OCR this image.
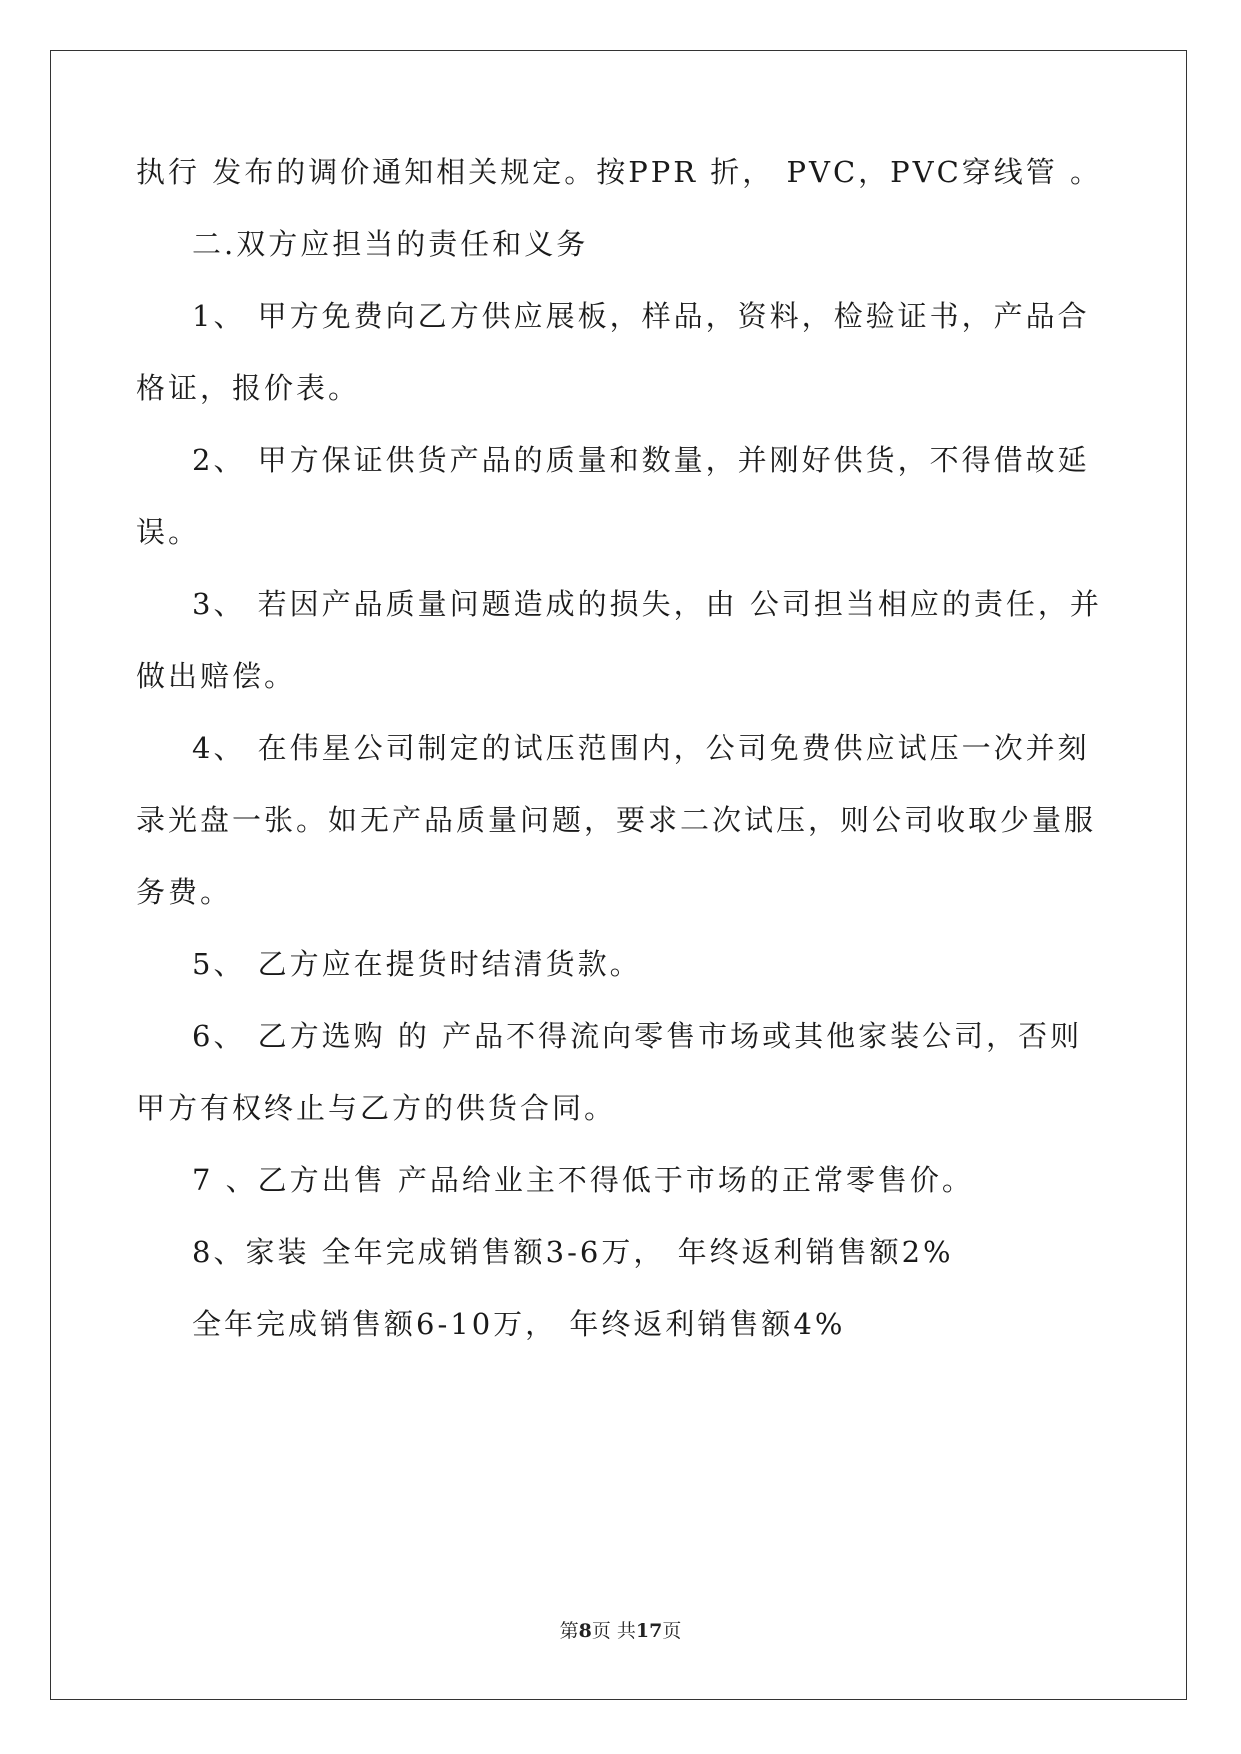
执行 发布的调价通知相关规定。按PPR 折， PVC，PVC穿线管 。
二.双方应担当的责任和义务
1、 甲方免费向乙方供应展板，样品，资料，检验证书，产品合
格证，报价表。
2、 甲方保证供货产品的质量和数量，并刚好供货，不得借故延
误。
3、 若因产品质量问题造成的损失，由 公司担当相应的责任，并
做出赔偿。
4、 在伟星公司制定的试压范围内，公司免费供应试压一次并刻
录光盘一张。如无产品质量问题，要求二次试压，则公司收取少量服
务费。
5、 乙方应在提货时结清货款。
6、 乙方选购 的 产品不得流向零售市场或其他家装公司，否则
甲方有权终止与乙方的供货合同。
7 、乙方出售 产品给业主不得低于市场的正常零售价。
8、家装 全年完成销售额3-6万， 年终返利销售额2%
全年完成销售额6-10万， 年终返利销售额4%
第8页 共17页
